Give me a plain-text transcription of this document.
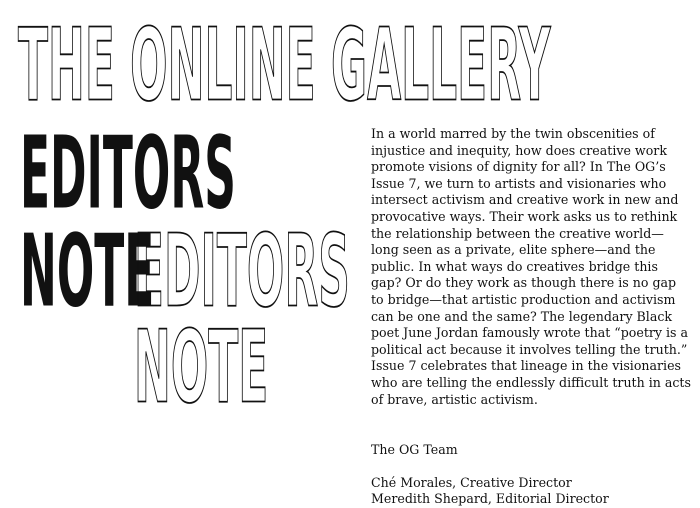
THE ONLINE GALLERY
EDITORS
NOTE
EDITORS
NOTE

In a world marred by the twin obscenities of injustice and inequity, how does creative work promote visions of dignity for all? In The OG’s Issue 7, we turn to artists and visionaries who intersect activism and creative work in new and provocative ways. Their work asks us to rethink the relationship between the creative world—long seen as a private, elite sphere—and the public. In what ways do creatives bridge this gap? Or do they work as though there is no gap to bridge—that artistic production and activism can be one and the same? The legendary Black poet June Jordan famously wrote that “poetry is a political act because it involves telling the truth.” Issue 7 celebrates that lineage in the visionaries who are telling the endlessly difficult truth in acts of brave, artistic activism.

The OG Team

Ché Morales, Creative Director

Meredith Shepard, Editorial Director
